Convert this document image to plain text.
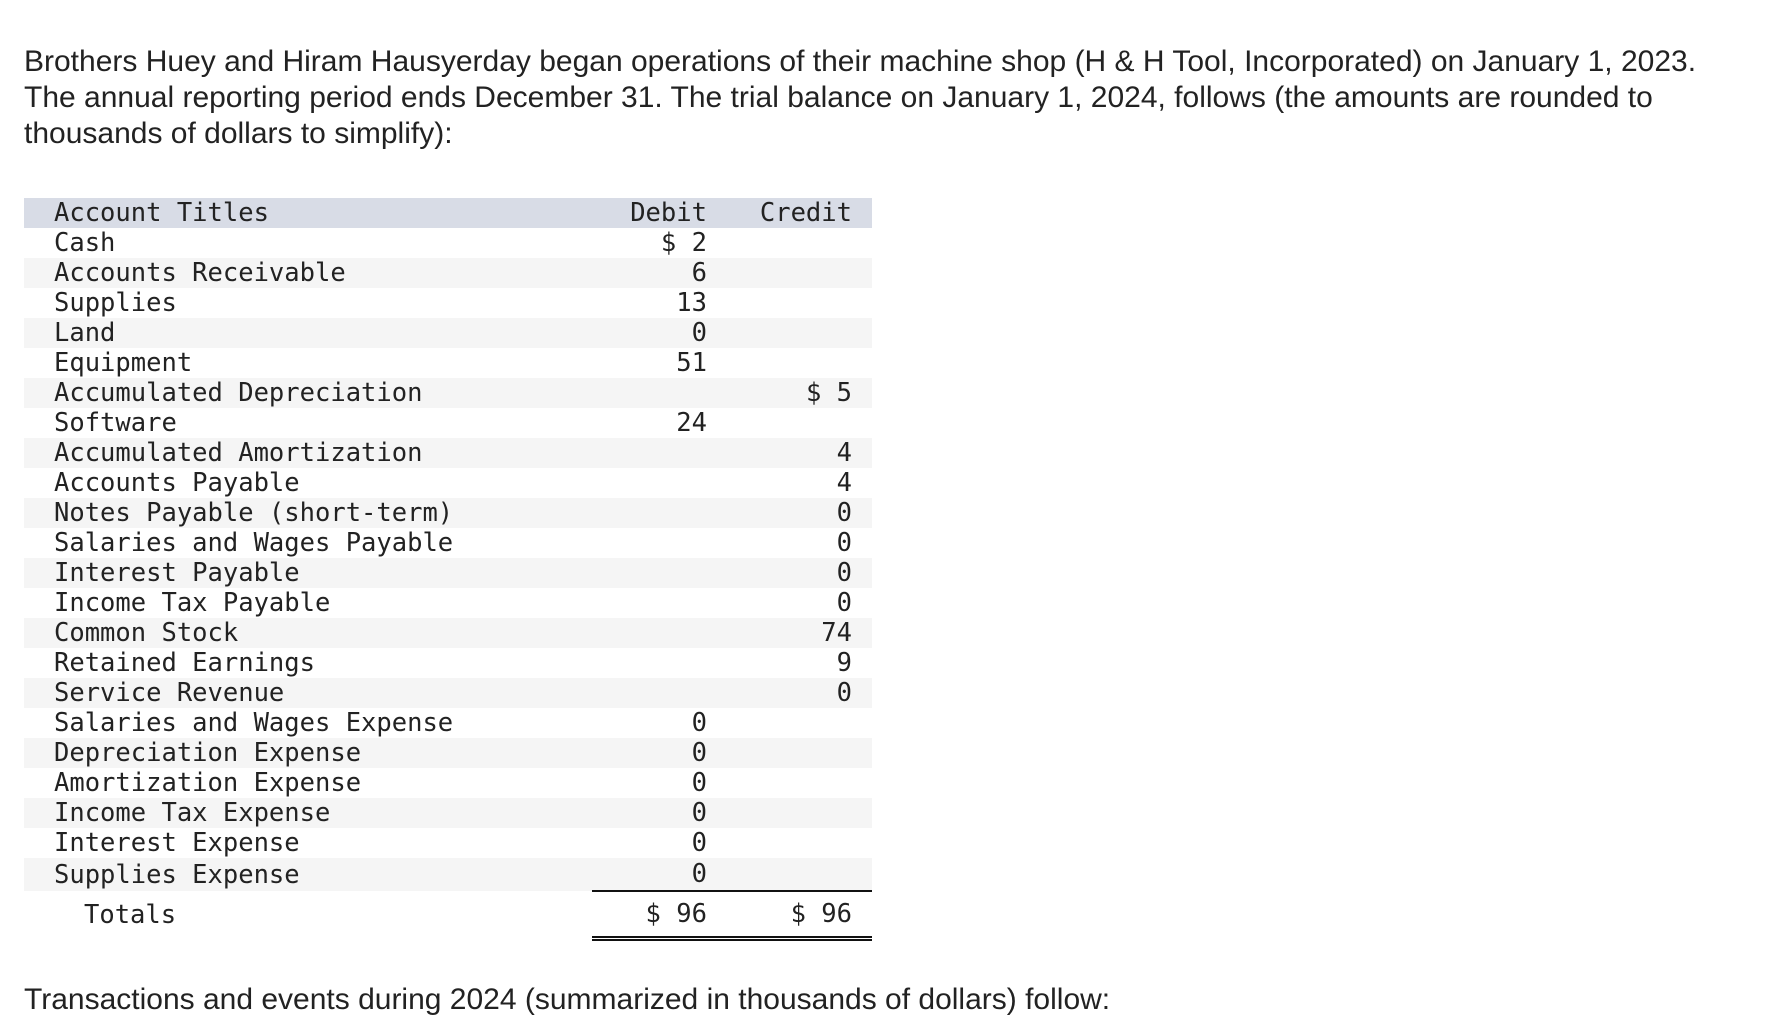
Brothers Huey and Hiram Hausyerday began operations of their machine shop (H & H Tool, Incorporated) on January 1, 2023. The annual reporting period ends December 31. The trial balance on January 1, 2024, follows (the amounts are rounded to thousands of dollars to simplify):

Account Titles	Debit	Credit
Cash	$ 2	
Accounts Receivable	6	
Supplies	13	
Land	0	
Equipment	51	
Accumulated Depreciation		$ 5
Software	24	
Accumulated Amortization		4
Accounts Payable		4
Notes Payable (short-term)		0
Salaries and Wages Payable		0
Interest Payable		0
Income Tax Payable		0
Common Stock		74
Retained Earnings		9
Service Revenue		0
Salaries and Wages Expense	0	
Depreciation Expense	0	
Amortization Expense	0	
Income Tax Expense	0	
Interest Expense	0	
Supplies Expense	0	
Totals	$ 96	$ 96

Transactions and events during 2024 (summarized in thousands of dollars) follow:
